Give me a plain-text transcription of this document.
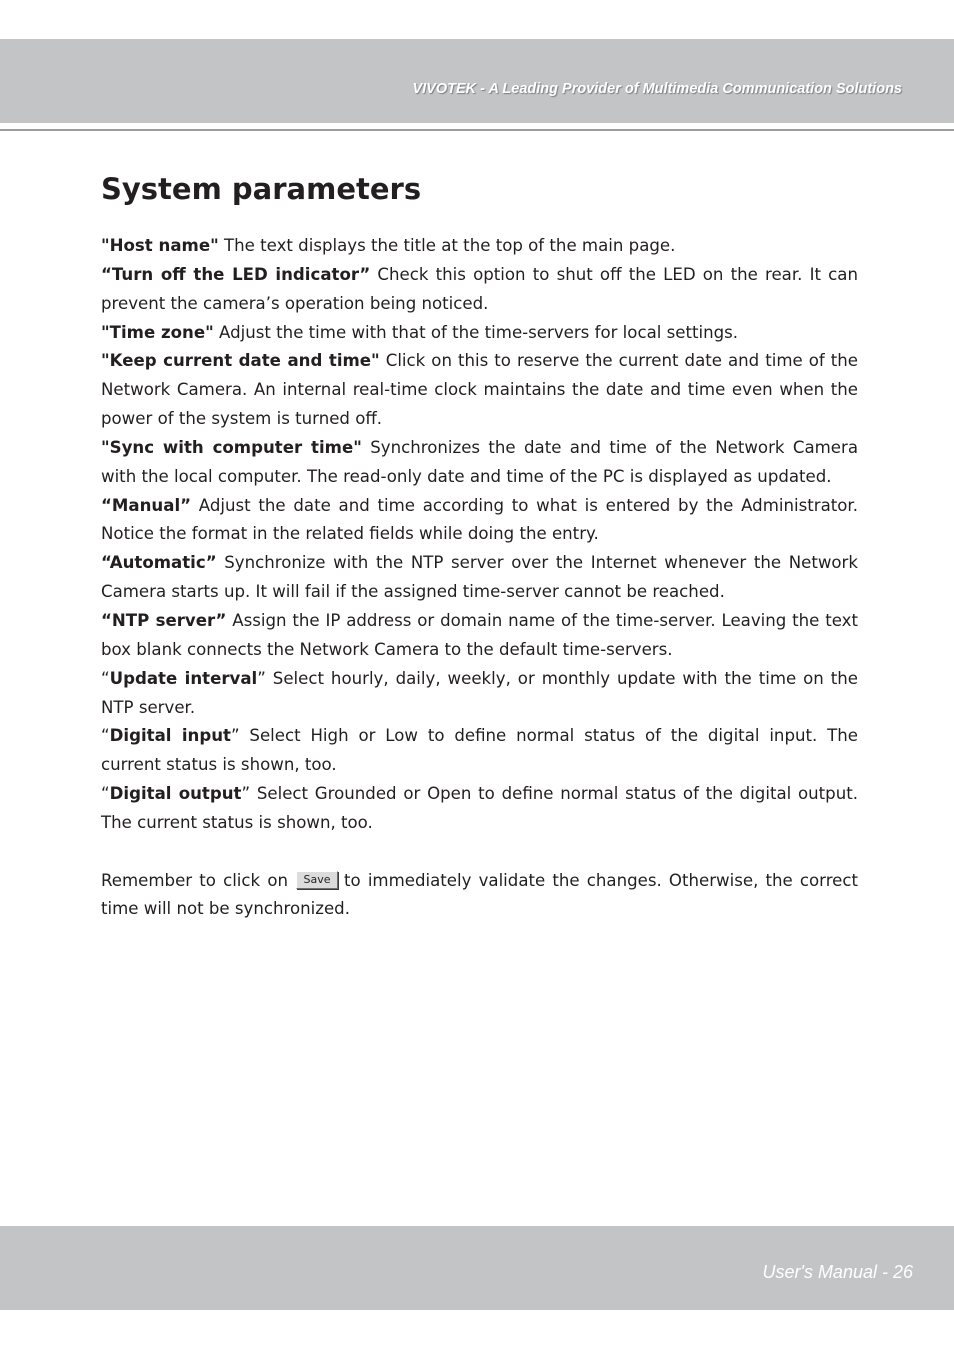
VIVOTEK - A Leading Provider of Multimedia Communication Solutions
System parameters

"Host name" The text displays the title at the top of the main page.

“Turn off the LED indicator” Check this option to shut off the LED on the rear. It can prevent the camera’s operation being noticed.

"Time zone" Adjust the time with that of the time-servers for local settings.

"Keep current date and time" Click on this to reserve the current date and time of the Network Camera. An internal real-time clock maintains the date and time even when the power of the system is turned off.

"Sync with computer time" Synchronizes the date and time of the Network Camera with the local computer. The read-only date and time of the PC is displayed as updated.

“Manual” Adjust the date and time according to what is entered by the Administrator. Notice the format in the related fields while doing the entry.

“Automatic” Synchronize with the NTP server over the Internet whenever the Network Camera starts up. It will fail if the assigned time-server cannot be reached.

“NTP server” Assign the IP address or domain name of the time-server. Leaving the text box blank connects the Network Camera to the default time-servers.

“Update interval” Select hourly, daily, weekly, or monthly update with the time on the NTP server.

“Digital input” Select High or Low to define normal status of the digital input. The current status is shown, too.

“Digital output” Select Grounded or Open to define normal status of the digital output. The current status is shown, too.

Remember to click on Save to immediately validate the changes. Otherwise, the correct time will not be synchronized.

User's Manual - 26
